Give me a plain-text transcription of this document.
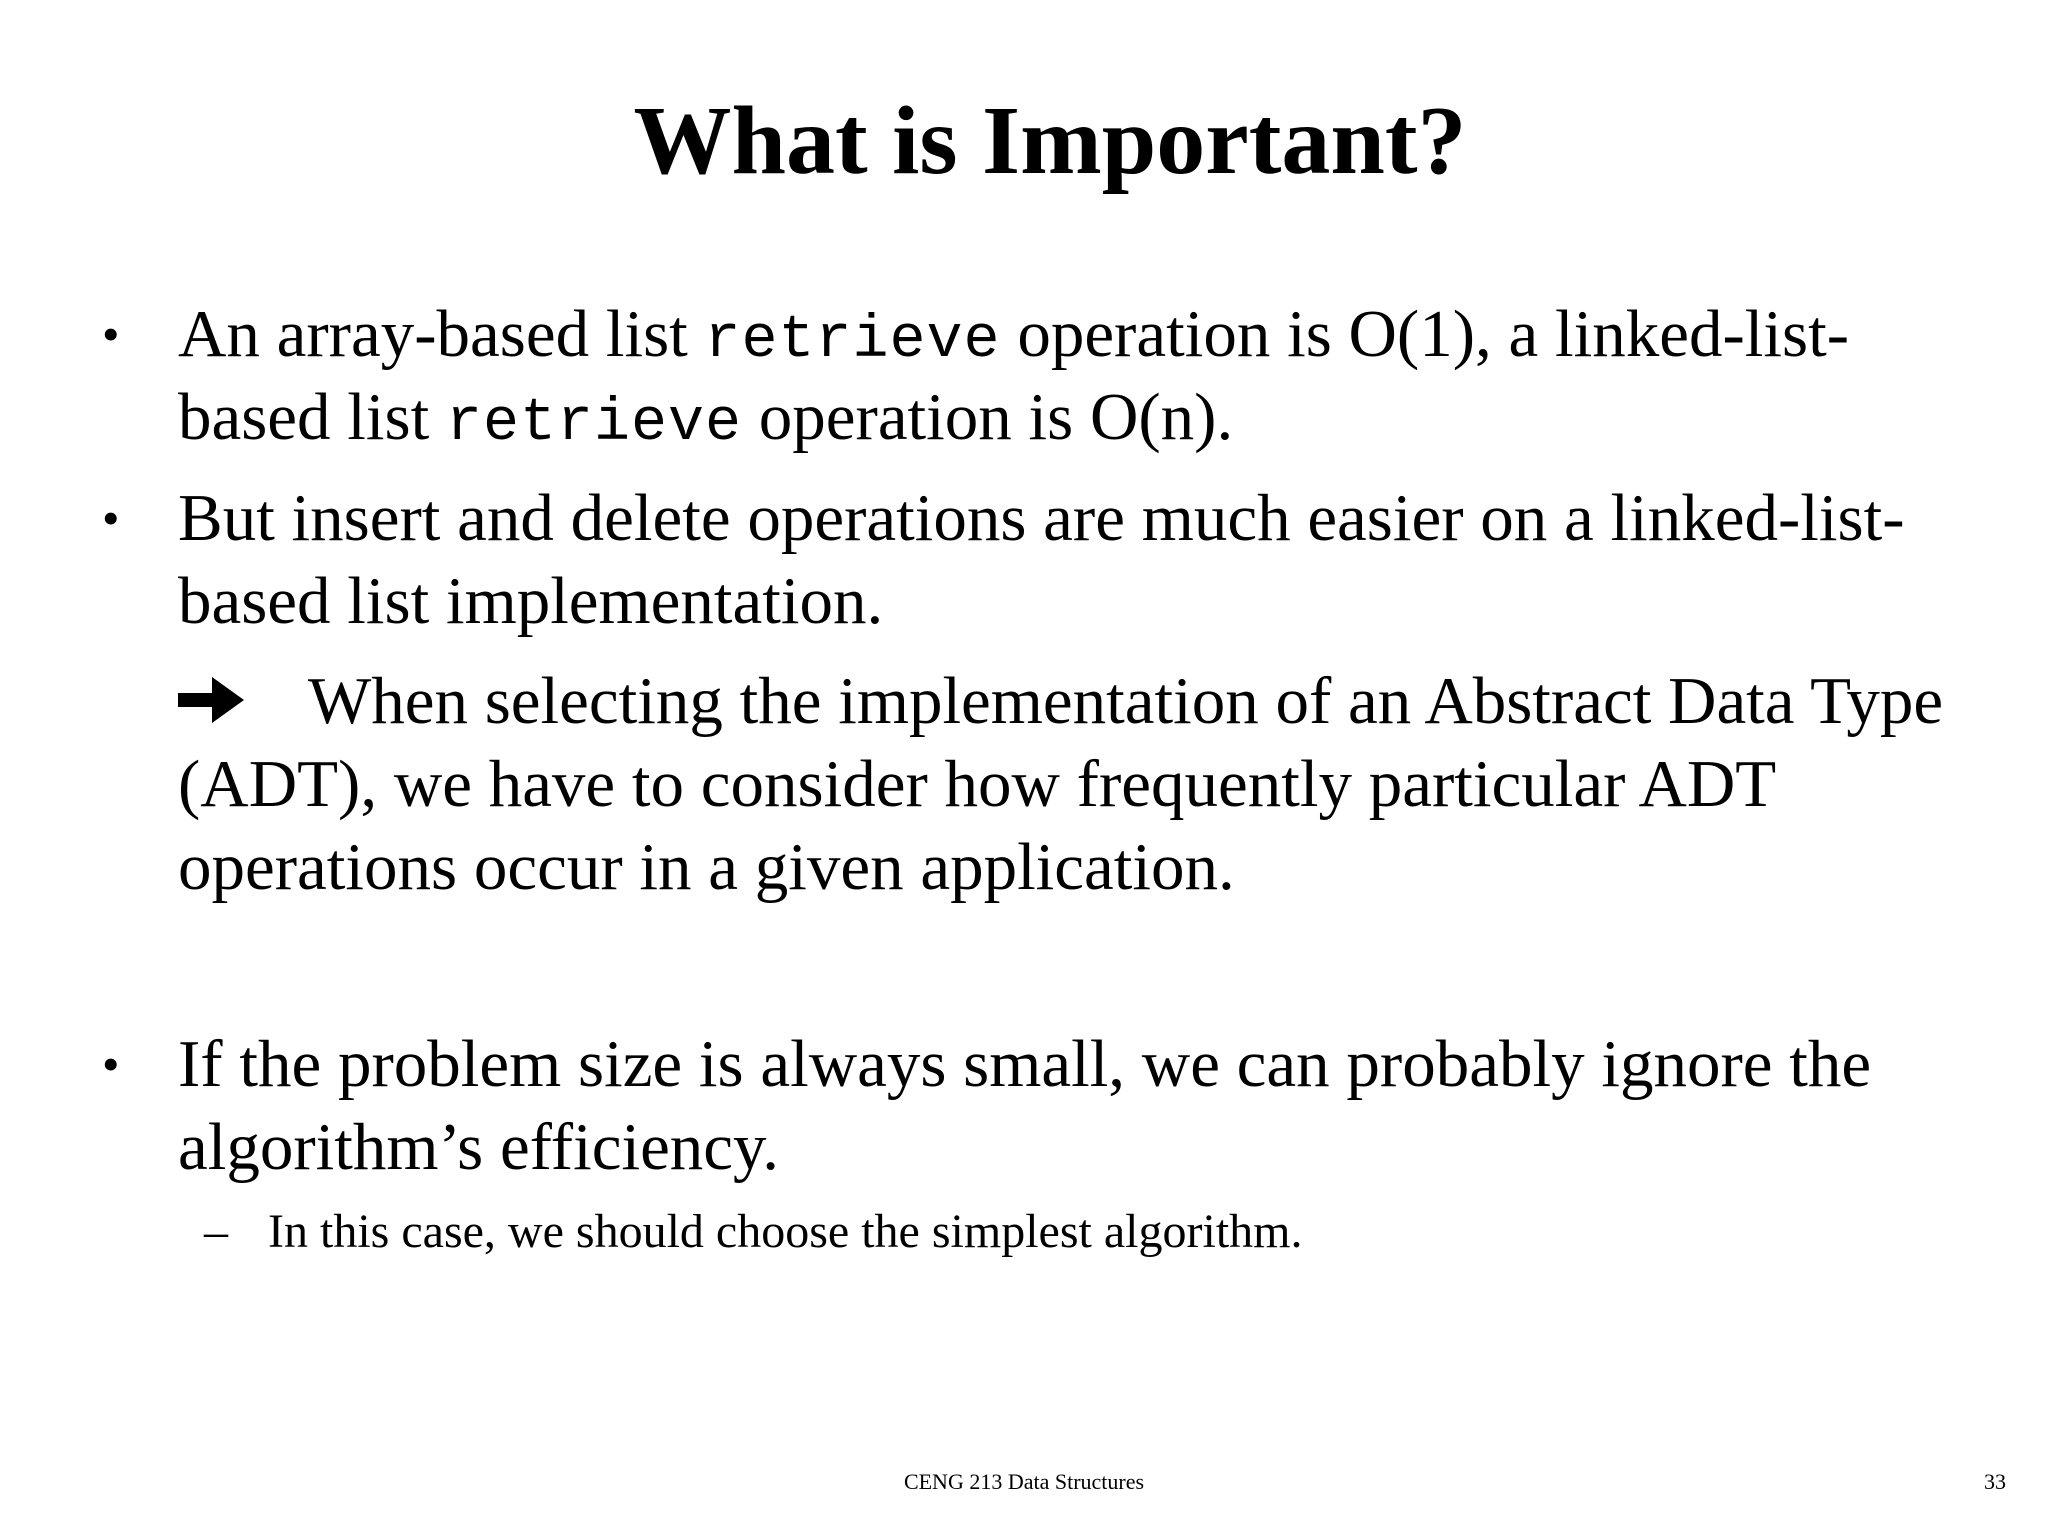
What is Important?
• An array-based list retrieve operation is O(1), a linked-list-
based list retrieve operation is O(n).
• But insert and delete operations are much easier on a linked-list-
based list implementation.
When selecting the implementation of an Abstract Data Type
(ADT), we have to consider how frequently particular ADT
operations occur in a given application.
• If the problem size is always small, we can probably ignore the
algorithm’s efficiency.
– In this case, we should choose the simplest algorithm.
CENG 213 Data Structures	33
